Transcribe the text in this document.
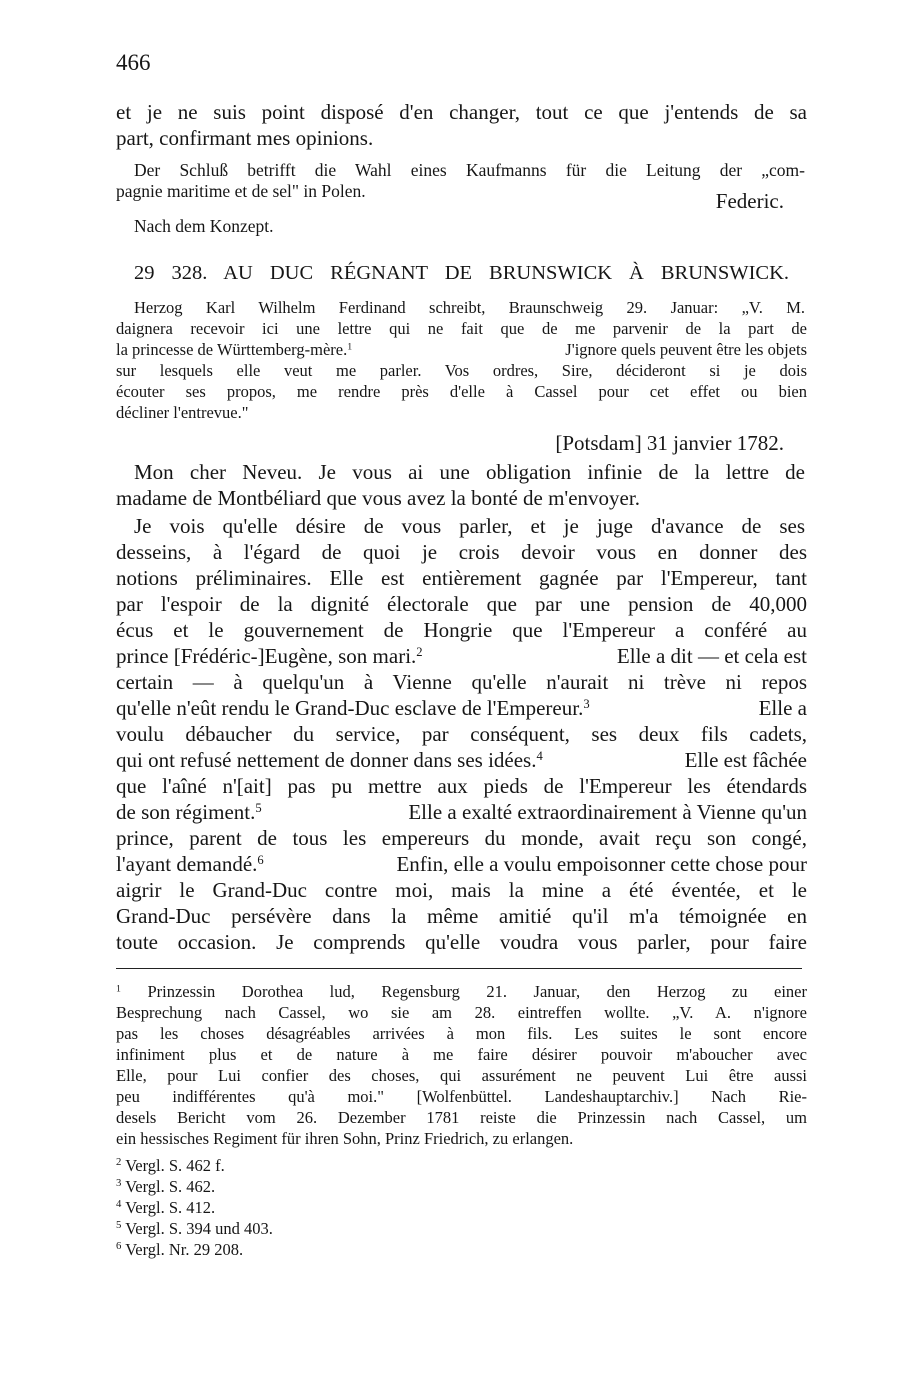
466
et je ne suis point disposé d'en changer, tout ce que j'entends de sa
part, confirmant mes opinions.
Der Schluß betrifft die Wahl eines Kaufmanns für die Leitung der „com-
pagnie maritime et de sel" in Polen.	Federic.
Nach dem Konzept.
29 328. AU DUC RÉGNANT DE BRUNSWICK À BRUNSWICK.
Herzog Karl Wilhelm Ferdinand schreibt, Braunschweig 29. Januar: „V. M.
daignera recevoir ici une lettre qui ne fait que de me parvenir de la part de
la princesse de Württemberg-mère.$^1$	J'ignore quels peuvent être les objets
sur lesquels elle veut me parler. Vos ordres, Sire, décideront si je dois
écouter ses propos, me rendre près d'elle à Cassel pour cet effet ou bien
décliner l'entrevue."
[Potsdam] 31 janvier 1782.
Mon cher Neveu. Je vous ai une obligation infinie de la lettre de
madame de Montbéliard que vous avez la bonté de m'envoyer.
Je vois qu'elle désire de vous parler, et je juge d'avance de ses
desseins, à l'égard de quoi je crois devoir vous en donner des
notions préliminaires. Elle est entièrement gagnée par l'Empereur, tant
par l'espoir de la dignité électorale que par une pension de 40,000
écus et le gouvernement de Hongrie que l'Empereur a conféré au
prince [Frédéric-]Eugène, son mari.$^2$	Elle a dit — et cela est
certain — à quelqu'un à Vienne qu'elle n'aurait ni trève ni repos
qu'elle n'eût rendu le Grand-Duc esclave de l'Empereur.$^3$	Elle a
voulu débaucher du service, par conséquent, ses deux fils cadets,
qui ont refusé nettement de donner dans ses idées.$^4$	Elle est fâchée
que l'aîné n'[ait] pas pu mettre aux pieds de l'Empereur les étendards
de son régiment.$^5$	Elle a exalté extraordinairement à Vienne qu'un
prince, parent de tous les empereurs du monde, avait reçu son congé,
l'ayant demandé.$^6$	Enfin, elle a voulu empoisonner cette chose pour
aigrir le Grand-Duc contre moi, mais la mine a été éventée, et le
Grand-Duc persévère dans la même amitié qu'il m'a témoignée en
toute occasion. Je comprends qu'elle voudra vous parler, pour faire
$^1$ Prinzessin Dorothea lud, Regensburg 21. Januar, den Herzog zu einer
Besprechung nach Cassel, wo sie am 28. eintreffen wollte. „V. A. n'ignore
pas les choses désagréables arrivées à mon fils. Les suites le sont encore
infiniment plus et de nature à me faire désirer pouvoir m'aboucher avec
Elle, pour Lui confier des choses, qui assurément ne peuvent Lui être aussi
peu indifférentes qu'à moi." [Wolfenbüttel. Landeshauptarchiv.] Nach Rie-
desels Bericht vom 26. Dezember 1781 reiste die Prinzessin nach Cassel, um
ein hessisches Regiment für ihren Sohn, Prinz Friedrich, zu erlangen.
$^2$ Vergl. S. 462 f.
$^3$ Vergl. S. 462.
$^4$ Vergl. S. 412.
$^5$ Vergl. S. 394 und 403.
$^6$ Vergl. Nr. 29 208.
